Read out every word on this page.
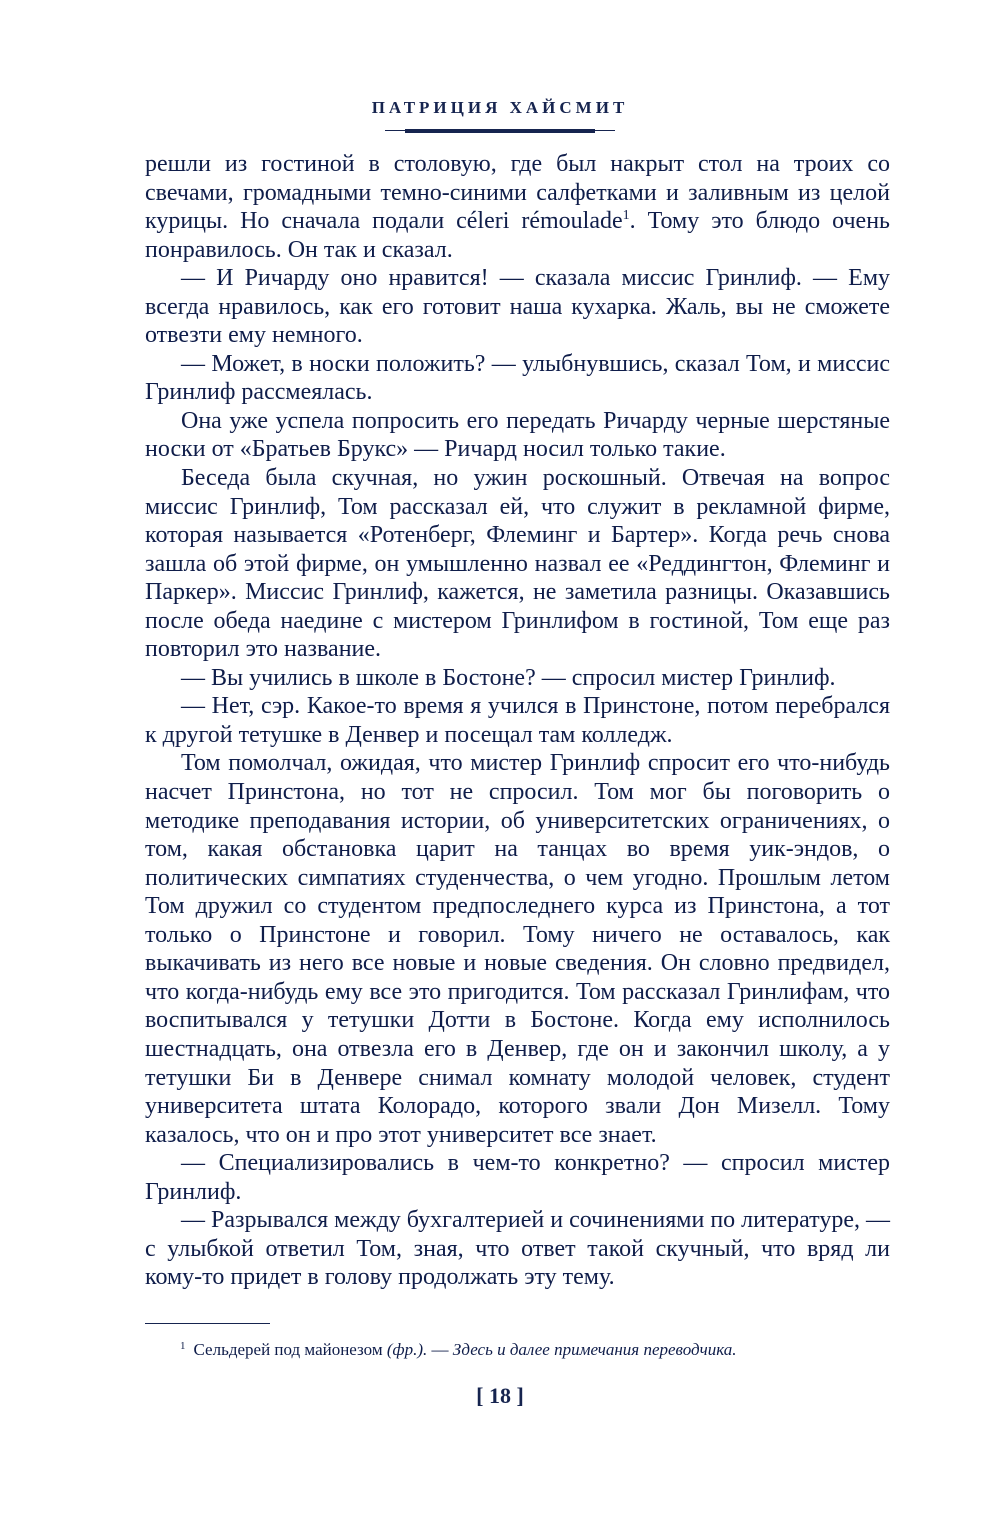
ПАТРИЦИЯ ХАЙСМИТ

решли из гостиной в столовую, где был накрыт стол на троих со свечами, громадными темно-синими салфетками и заливным из целой курицы. Но сначала подали céleri rémoulade$^1$. Тому это блюдо очень понравилось. Он так и сказал.

— И Ричарду оно нравится! — сказала миссис Гринлиф. — Ему всегда нравилось, как его готовит наша кухарка. Жаль, вы не сможете отвезти ему немного.

— Может, в носки положить? — улыбнувшись, сказал Том, и миссис Гринлиф рассмеялась.

Она уже успела попросить его передать Ричарду черные шерстяные носки от «Братьев Брукс» — Ричард носил только такие.

Беседа была скучная, но ужин роскошный. Отвечая на вопрос миссис Гринлиф, Том рассказал ей, что служит в рекламной фирме, которая называется «Ротенберг, Флеминг и Бартер». Когда речь снова зашла об этой фирме, он умышленно назвал ее «Реддингтон, Флеминг и Паркер». Миссис Гринлиф, кажется, не заметила разницы. Оказавшись после обеда наедине с мистером Гринлифом в гостиной, Том еще раз повторил это название.

— Вы учились в школе в Бостоне? — спросил мистер Гринлиф.

— Нет, сэр. Какое-то время я учился в Принстоне, потом перебрался к другой тетушке в Денвер и посещал там колледж.

Том помолчал, ожидая, что мистер Гринлиф спросит его что-нибудь насчет Принстона, но тот не спросил. Том мог бы поговорить о методике преподавания истории, об университетских ограничениях, о том, какая обстановка царит на танцах во время уик-эндов, о политических симпатиях студенчества, о чем угодно. Прошлым летом Том дружил со студентом предпоследнего курса из Принстона, а тот только о Принстоне и говорил. Тому ничего не оставалось, как выкачивать из него все новые и новые сведения. Он словно предвидел, что когда-нибудь ему все это пригодится. Том рассказал Гринлифам, что воспитывался у тетушки Дотти в Бостоне. Когда ему исполнилось шестнадцать, она отвезла его в Денвер, где он и закончил школу, а у тетушки Би в Денвере снимал комнату молодой человек, студент университета штата Колорадо, которого звали Дон Мизелл. Тому казалось, что он и про этот университет все знает.

— Специализировались в чем-то конкретно? — спросил мистер Гринлиф.

— Разрывался между бухгалтерией и сочинениями по литературе, — с улыбкой ответил Том, зная, что ответ такой скучный, что вряд ли кому-то придет в голову продолжать эту тему.

$^1$ Сельдерей под майонезом (фр.). — Здесь и далее примечания переводчика.
[ 18 ]
